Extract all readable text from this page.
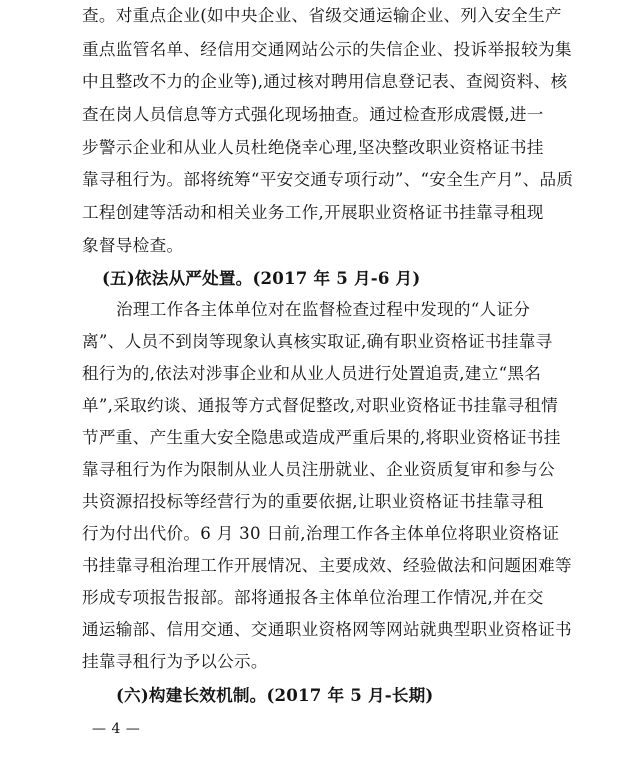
查。对重点企业(如中央企业、省级交通运输企业、列入安全生产
重点监管名单、经信用交通网站公示的失信企业、投诉举报较为集
中且整改不力的企业等),通过核对聘用信息登记表、查阅资料、核
查在岗人员信息等方式强化现场抽查。通过检查形成震慑,进一
步警示企业和从业人员杜绝侥幸心理,坚决整改职业资格证书挂
靠寻租行为。部将统筹“平安交通专项行动”、“安全生产月”、品质
工程创建等活动和相关业务工作,开展职业资格证书挂靠寻租现
象督导检查。
(五)依法从严处置。(2017 年 5 月-6 月)
治理工作各主体单位对在监督检查过程中发现的“人证分
离”、人员不到岗等现象认真核实取证,确有职业资格证书挂靠寻
租行为的,依法对涉事企业和从业人员进行处置追责,建立“黑名
单”,采取约谈、通报等方式督促整改,对职业资格证书挂靠寻租情
节严重、产生重大安全隐患或造成严重后果的,将职业资格证书挂
靠寻租行为作为限制从业人员注册就业、企业资质复审和参与公
共资源招投标等经营行为的重要依据,让职业资格证书挂靠寻租
行为付出代价。6 月 30 日前,治理工作各主体单位将职业资格证
书挂靠寻租治理工作开展情况、主要成效、经验做法和问题困难等
形成专项报告报部。部将通报各主体单位治理工作情况,并在交
通运输部、信用交通、交通职业资格网等网站就典型职业资格证书
挂靠寻租行为予以公示。
(六)构建长效机制。(2017 年 5 月-长期)
— 4 —
